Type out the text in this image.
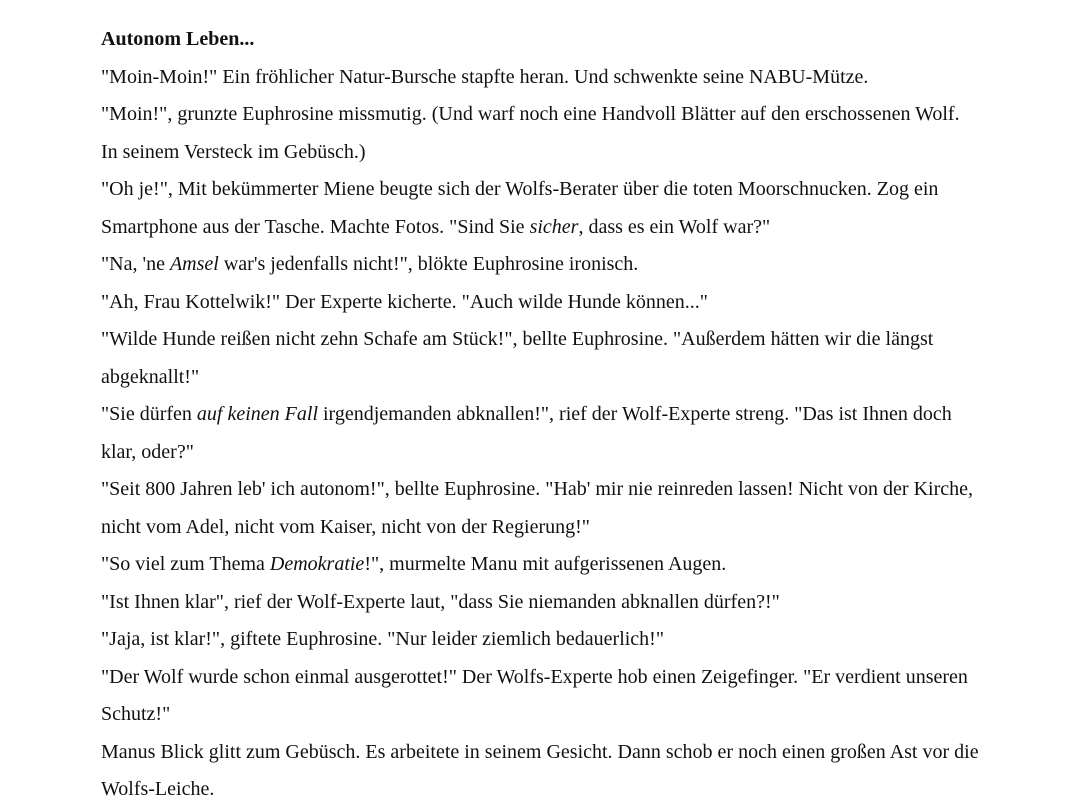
Autonom Leben...

"Moin-Moin!" Ein fröhlicher Natur-Bursche stapfte heran. Und schwenkte seine NABU-Mütze.

"Moin!", grunzte Euphrosine missmutig. (Und warf noch eine Handvoll Blätter auf den erschossenen Wolf. In seinem Versteck im Gebüsch.)

"Oh je!", Mit bekümmerter Miene beugte sich der Wolfs-Berater über die toten Moorschnucken. Zog ein Smartphone aus der Tasche. Machte Fotos. "Sind Sie sicher, dass es ein Wolf war?"

"Na, 'ne Amsel war's jedenfalls nicht!", blökte Euphrosine ironisch.

"Ah, Frau Kottelwik!" Der Experte kicherte. "Auch wilde Hunde können..."

"Wilde Hunde reißen nicht zehn Schafe am Stück!", bellte Euphrosine. "Außerdem hätten wir die längst abgeknallt!"

"Sie dürfen auf keinen Fall irgendjemanden abknallen!", rief der Wolf-Experte streng. "Das ist Ihnen doch klar, oder?"

"Seit 800 Jahren leb' ich autonom!", bellte Euphrosine. "Hab' mir nie reinreden lassen! Nicht von der Kirche, nicht vom Adel, nicht vom Kaiser, nicht von der Regierung!"

"So viel zum Thema Demokratie!", murmelte Manu mit aufgerissenen Augen.

"Ist Ihnen klar", rief der Wolf-Experte laut, "dass Sie niemanden abknallen dürfen?!"

"Jaja, ist klar!", giftete Euphrosine. "Nur leider ziemlich bedauerlich!"

"Der Wolf wurde schon einmal ausgerottet!" Der Wolfs-Experte hob einen Zeigefinger. "Er verdient unseren Schutz!"

Manus Blick glitt zum Gebüsch. Es arbeitete in seinem Gesicht. Dann schob er noch einen großen Ast vor die Wolfs-Leiche.
